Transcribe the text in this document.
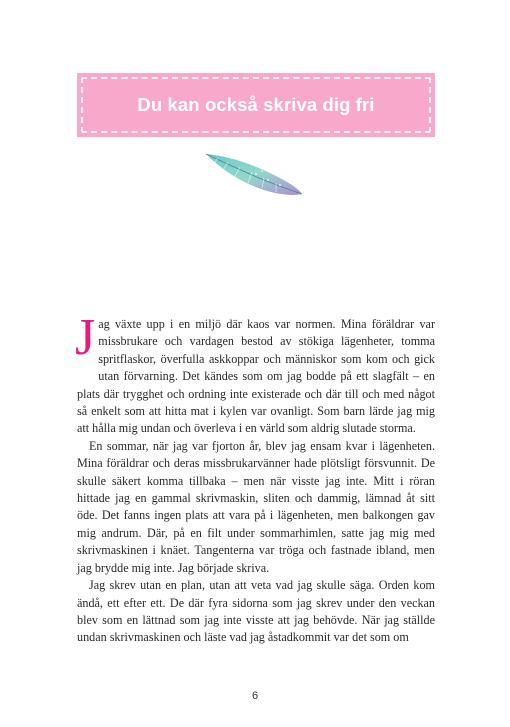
Du kan också skriva dig fri

Jag växte upp i en miljö där kaos var normen. Mina föräldrar var missbrukare och vardagen bestod av stökiga lägenheter, tomma spritflaskor, överfulla askkoppar och människor som kom och gick utan förvarning. Det kändes som om jag bodde på ett slagfält – en plats där trygghet och ordning inte existerade och där till och med något så enkelt som att hitta mat i kylen var ovanligt. Som barn lärde jag mig att hålla mig undan och överleva i en värld som aldrig slutade storma.

En sommar, när jag var fjorton år, blev jag ensam kvar i lägenheten. Mina föräldrar och deras missbrukarvänner hade plötsligt försvunnit. De skulle säkert komma tillbaka – men när visste jag inte. Mitt i röran hittade jag en gammal skrivmaskin, sliten och dammig, lämnad åt sitt öde. Det fanns ingen plats att vara på i lägenheten, men balkongen gav mig andrum. Där, på en filt under sommarhimlen, satte jag mig med skrivmaskinen i knäet. Tangenterna var tröga och fastnade ibland, men jag brydde mig inte. Jag började skriva.

Jag skrev utan en plan, utan att veta vad jag skulle säga. Orden kom ändå, ett efter ett. De där fyra sidorna som jag skrev under den veckan blev som en lättnad som jag inte visste att jag behövde. När jag ställde undan skrivmaskinen och läste vad jag åstadkommit var det som om

6
